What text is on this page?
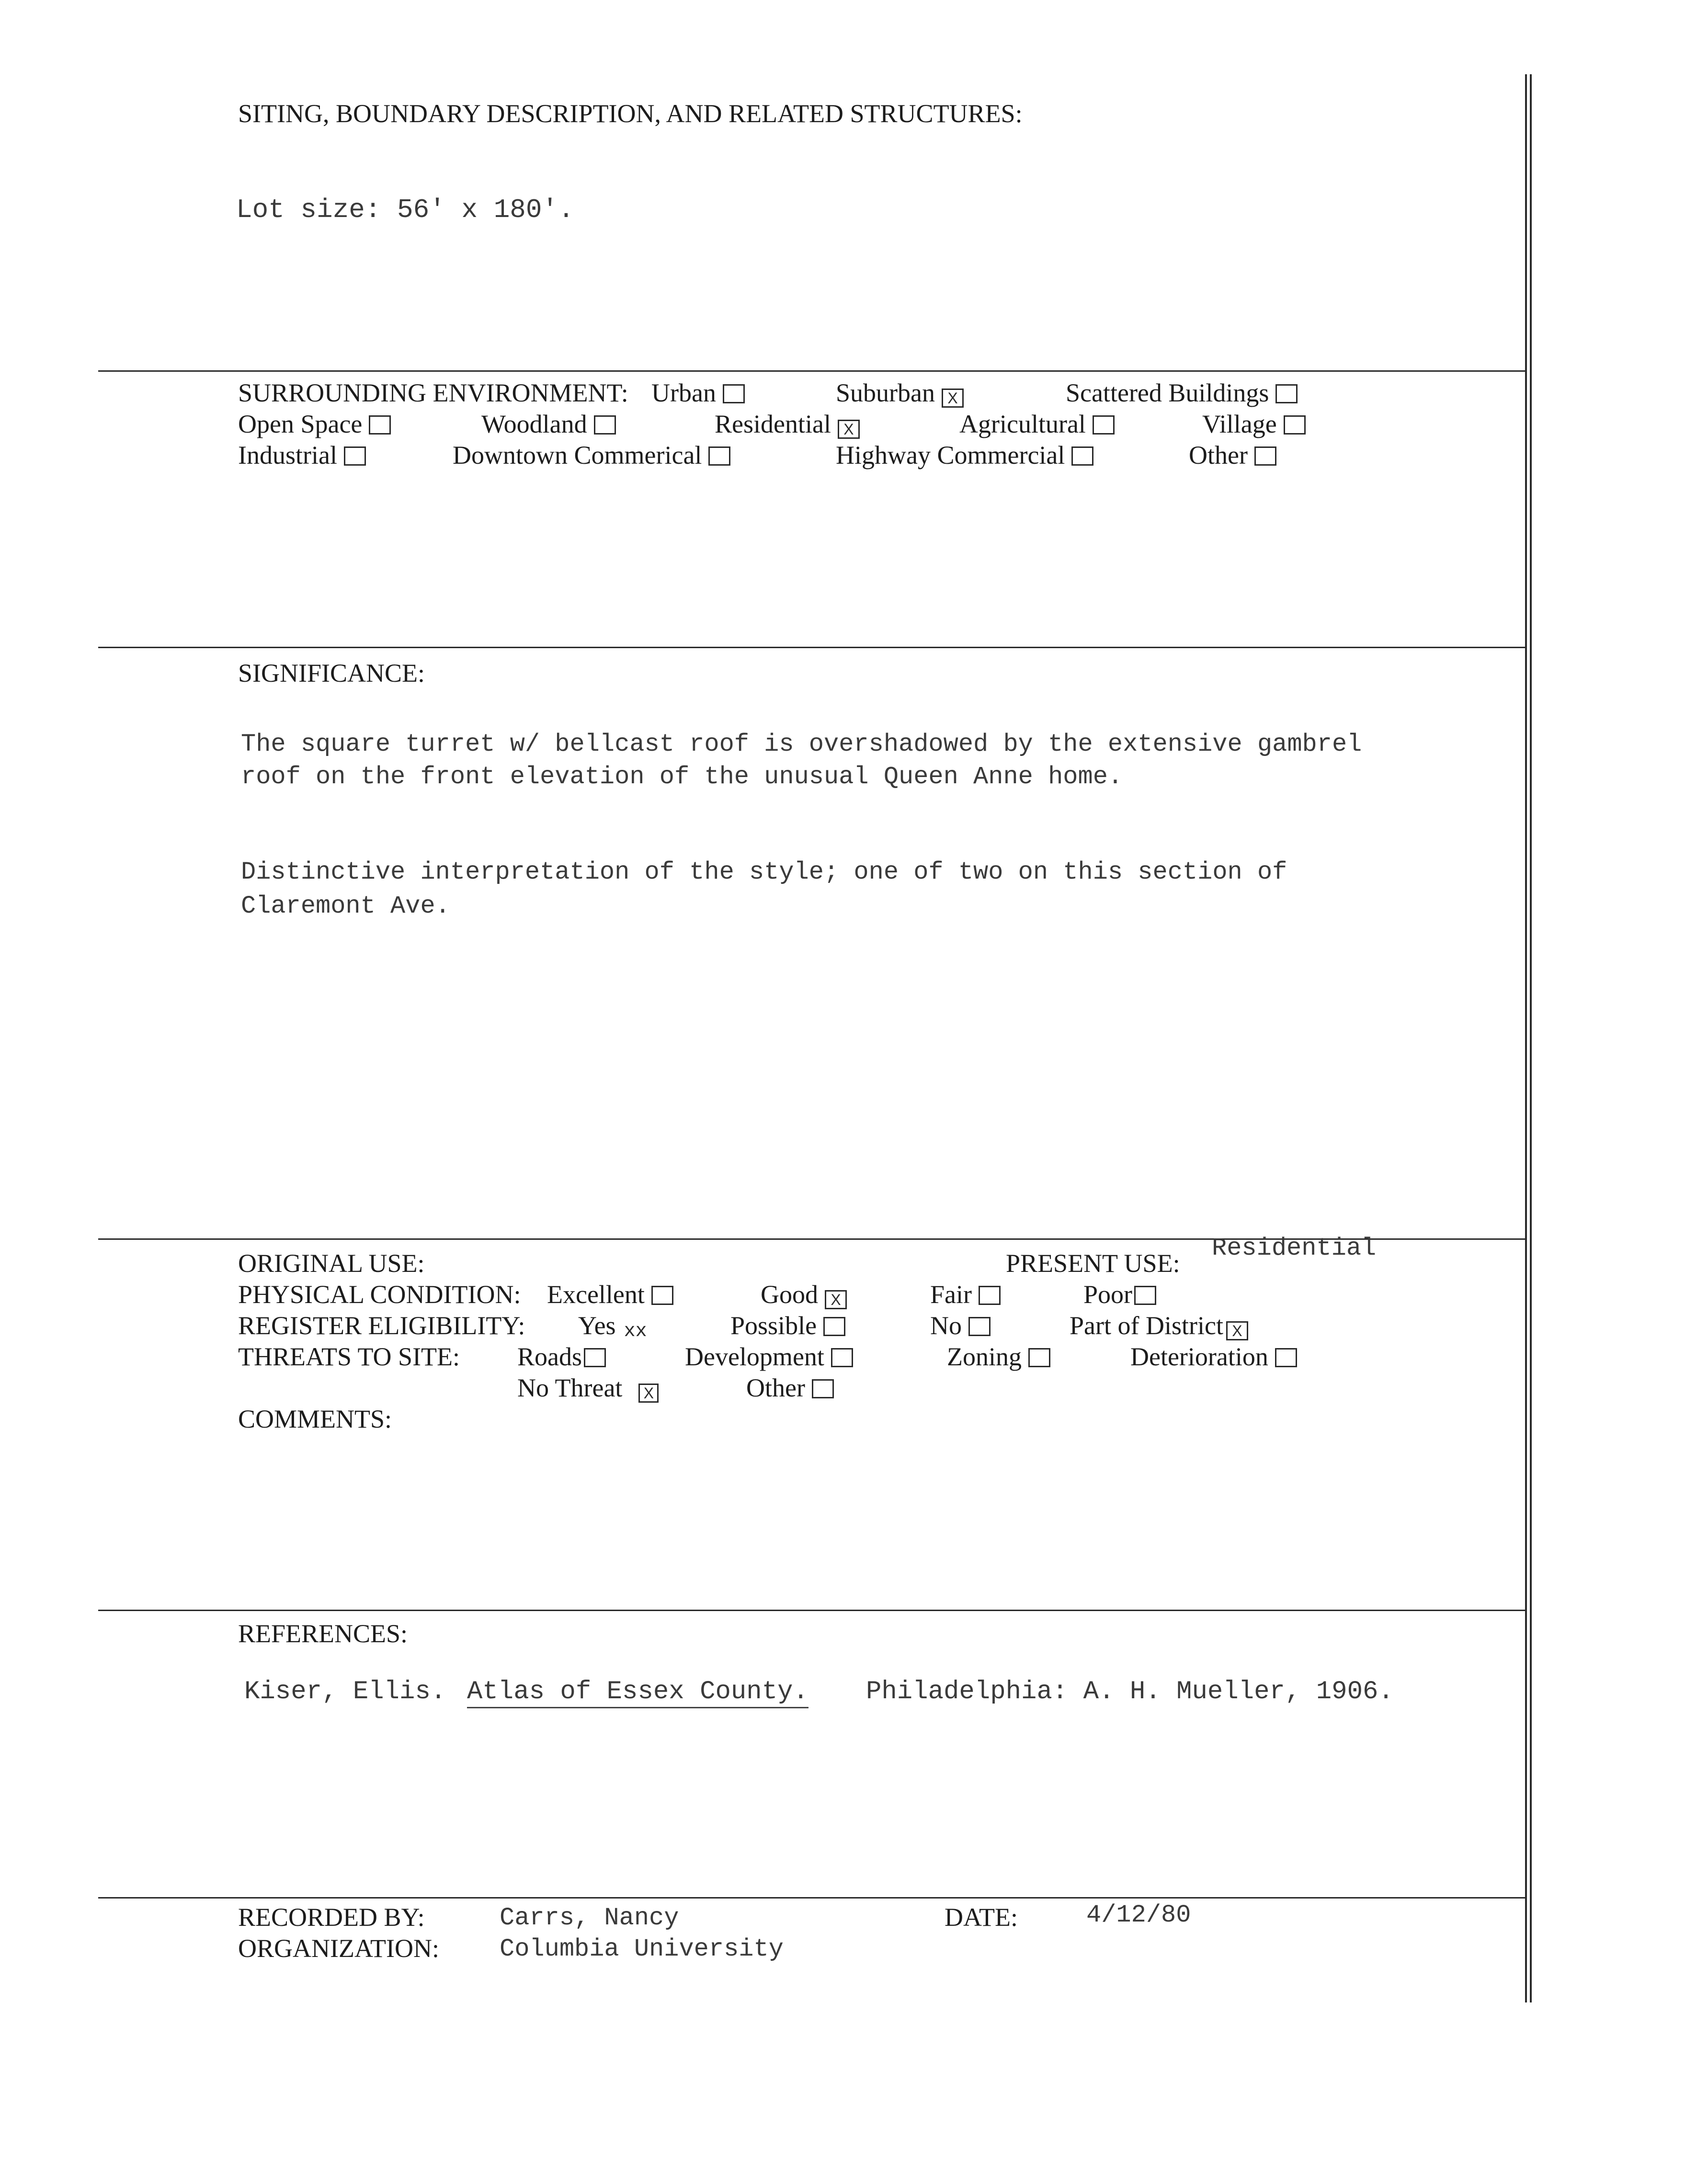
SITING, BOUNDARY DESCRIPTION, AND RELATED STRUCTURES:
Lot size: 56' x 180'.
SURROUNDING ENVIRONMENT: Urban	Suburban X	Scattered Buildings
Open Space	Woodland	Residential X	Agricultural	Village
Industrial	Downtown Commerical	Highway Commercial	Other
SIGNIFICANCE:
The square turret w/ bellcast roof is overshadowed by the extensive gambrel
roof on the front elevation of the unusual Queen Anne home.
Distinctive interpretation of the style; one of two on this section of
Claremont Ave.
ORIGINAL USE:	PRESENT USE:
Residential
PHYSICAL CONDITION: Excellent	Good X	Fair	Poor
REGISTER ELIGIBILITY: Yes xx	Possible	No	Part of District X
THREATS TO SITE: Roads	Development	Zoning	Deterioration
No Threat X	Other
COMMENTS:
REFERENCES:
Kiser, Ellis. Atlas of Essex County. Philadelphia: A. H. Mueller, 1906.
RECORDED BY:	Carrs, Nancy
ORGANIZATION: Columbia University
DATE:	4/12/80
